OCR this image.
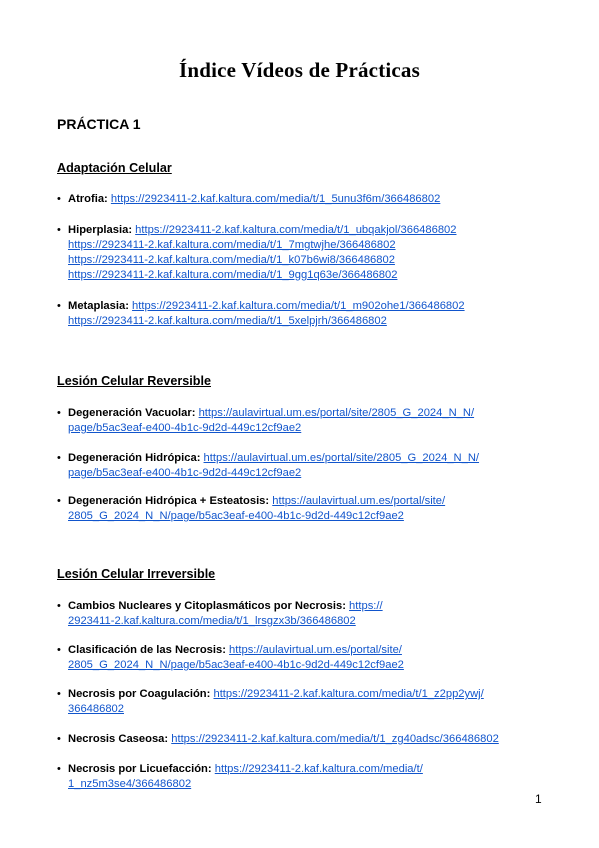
Índice Vídeos de Prácticas
PRÁCTICA 1
Adaptación Celular
• Atrofia: https://2923411-2.kaf.kaltura.com/media/t/1_5unu3f6m/366486802
• Hiperplasia: https://2923411-2.kaf.kaltura.com/media/t/1_ubqakjol/366486802
https://2923411-2.kaf.kaltura.com/media/t/1_7mgtwjhe/366486802
https://2923411-2.kaf.kaltura.com/media/t/1_k07b6wi8/366486802
https://2923411-2.kaf.kaltura.com/media/t/1_9gg1q63e/366486802
• Metaplasia: https://2923411-2.kaf.kaltura.com/media/t/1_m902ohe1/366486802
https://2923411-2.kaf.kaltura.com/media/t/1_5xelpjrh/366486802
Lesión Celular Reversible
• Degeneración Vacuolar: https://aulavirtual.um.es/portal/site/2805_G_2024_N_N/
page/b5ac3eaf-e400-4b1c-9d2d-449c12cf9ae2
• Degeneración Hidrópica: https://aulavirtual.um.es/portal/site/2805_G_2024_N_N/
page/b5ac3eaf-e400-4b1c-9d2d-449c12cf9ae2
• Degeneración Hidrópica + Esteatosis: https://aulavirtual.um.es/portal/site/
2805_G_2024_N_N/page/b5ac3eaf-e400-4b1c-9d2d-449c12cf9ae2
Lesión Celular Irreversible
• Cambios Nucleares y Citoplasmáticos por Necrosis: https://
2923411-2.kaf.kaltura.com/media/t/1_lrsgzx3b/366486802
• Clasificación de las Necrosis: https://aulavirtual.um.es/portal/site/
2805_G_2024_N_N/page/b5ac3eaf-e400-4b1c-9d2d-449c12cf9ae2
• Necrosis por Coagulación: https://2923411-2.kaf.kaltura.com/media/t/1_z2pp2ywj/
366486802
• Necrosis Caseosa: https://2923411-2.kaf.kaltura.com/media/t/1_zg40adsc/366486802
• Necrosis por Licuefacción: https://2923411-2.kaf.kaltura.com/media/t/
1_nz5m3se4/366486802
1
